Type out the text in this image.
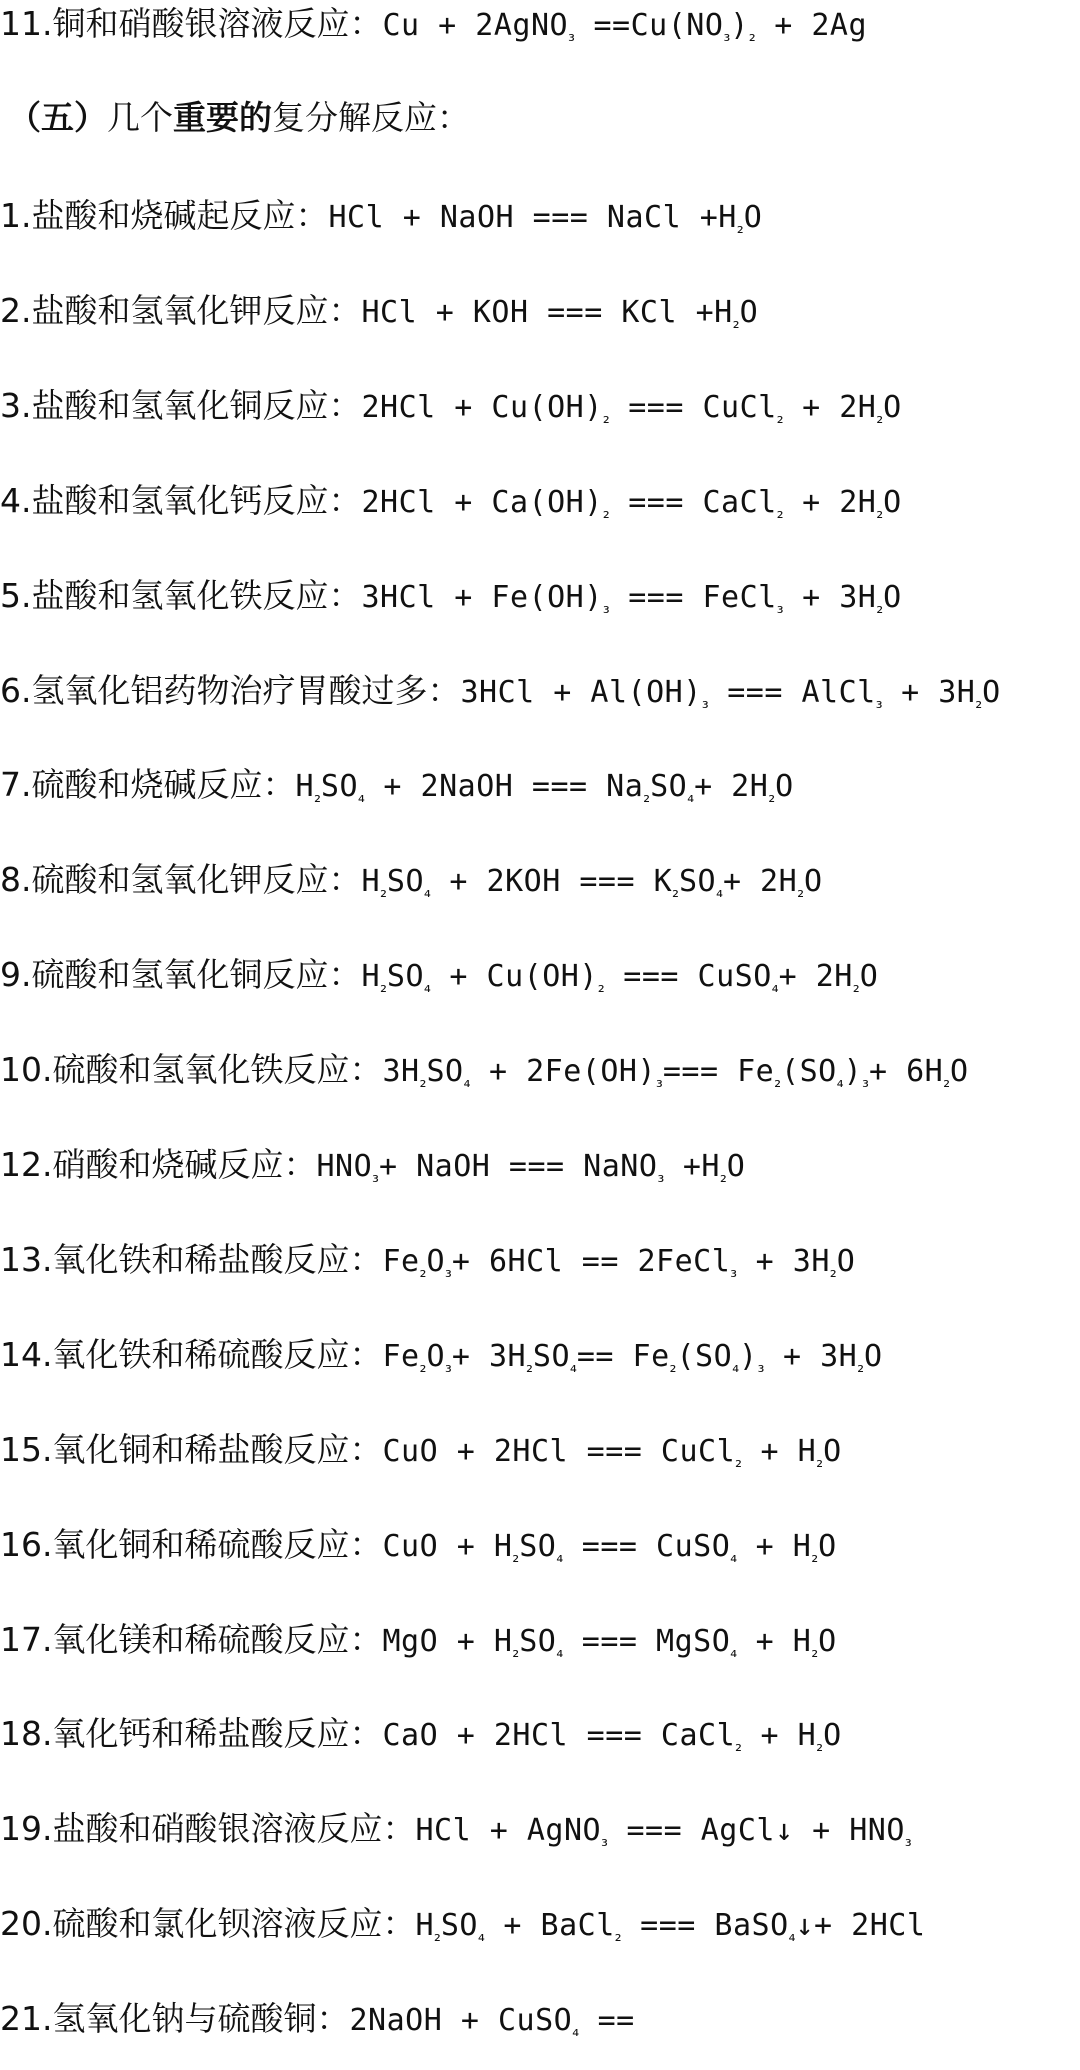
11.铜和硝酸银溶液反应：Cu + 2AgNO$_{_3}$ $==Cu(NO_{_3})_{_2} + 2Ag$
（五）几个重要的复分解反应：
1.盐酸和烧碱起反应：HCl + NaOH === NaCl $+H_{_2}O$
2.盐酸和氢氧化钾反应：HCl + KOH === KCl $+H_{_2}O$
3.盐酸和氢氧化铜反应：$2HCl + Cu(OH)_{_2}$ === CuCl$_{_2}$ + $2H_{_2}O$
4.盐酸和氢氧化钙反应：$2HCl + Ca(OH)_{_2}$ === CaCl$_{_2}$ + $2H_{_2}O$
5.盐酸和氢氧化铁反应：$3HCl + Fe(OH)_{_3}$ === FeCl$_{_3}$ + $3H_{_2}O$
6.氢氧化铝药物治疗胃酸过多：$3HCl + Al(OH)_{_3}$ === AlCl$_{_3}$ + $3H_{_2}O$
7.硫酸和烧碱反应：$H_{_2}SO_{_4}$ + 2NaOH === $Na_{_2}SO_{_4}+ 2H_{_2}O$
8.硫酸和氢氧化钾反应：$H_{_2}SO_{_4} + 2KOH$ === $K_{_2}SO_{_4}+ 2H_{_2}O$
9.硫酸和氢氧化铜反应：$H_{_2}SO_{_4} + Cu(OH)_{_2}$ === CuSO$_{_4}$+ $2H_{_2}O$
10.硫酸和氢氧化铁反应：$3H_{_2}SO_{_4} + 2Fe(OH)_{_3}=== Fe_{_2}(SO_{_4})_{_3}+ 6H_{_2}O$
12.硝酸和烧碱反应：$HNO_{_3}+$ NaOH === NaNO$_{_3}$ $+H_{_2}O$
13.氧化铁和稀盐酸反应：$Fe_{_2}O_{_3}+ 6HCl$ == 2FeCl$_{_3}$ + $3H_{_2}O$
14.氧化铁和稀硫酸反应：$Fe_{_2}O_{_3}+ 3H_{_2}SO_{_4}== Fe_{_2}(SO_{_4})_{_3} + 3H_{_2}O$
15.氧化铜和稀盐酸反应：CuO + 2HCl === CuCl$_{_2}$ + $H_{_2}O$
16.氧化铜和稀硫酸反应：CuO + $H_{_2}SO_{_4}$ === CuSO$_{_4}$ + $H_{_2}O$
17.氧化镁和稀硫酸反应：MgO + $H_{_2}SO_{_4}$ === MgSO$_{_4}$ + $H_{_2}O$
18.氧化钙和稀盐酸反应：CaO + 2HCl === CaCl$_{_2}$ + $H_{_2}O$
19.盐酸和硝酸银溶液反应：HCl + AgNO$_{_3}$ === AgCl↓ + $HNO_{_3}$
20.硫酸和氯化钡溶液反应：$H_{_2}SO_{_4}$ + BaCl$_{_2}$ === BaSO$_{_4}$↓+ 2HCl
21.氢氧化钠与硫酸铜：2NaOH + CuSO$_{_4}$ ==
